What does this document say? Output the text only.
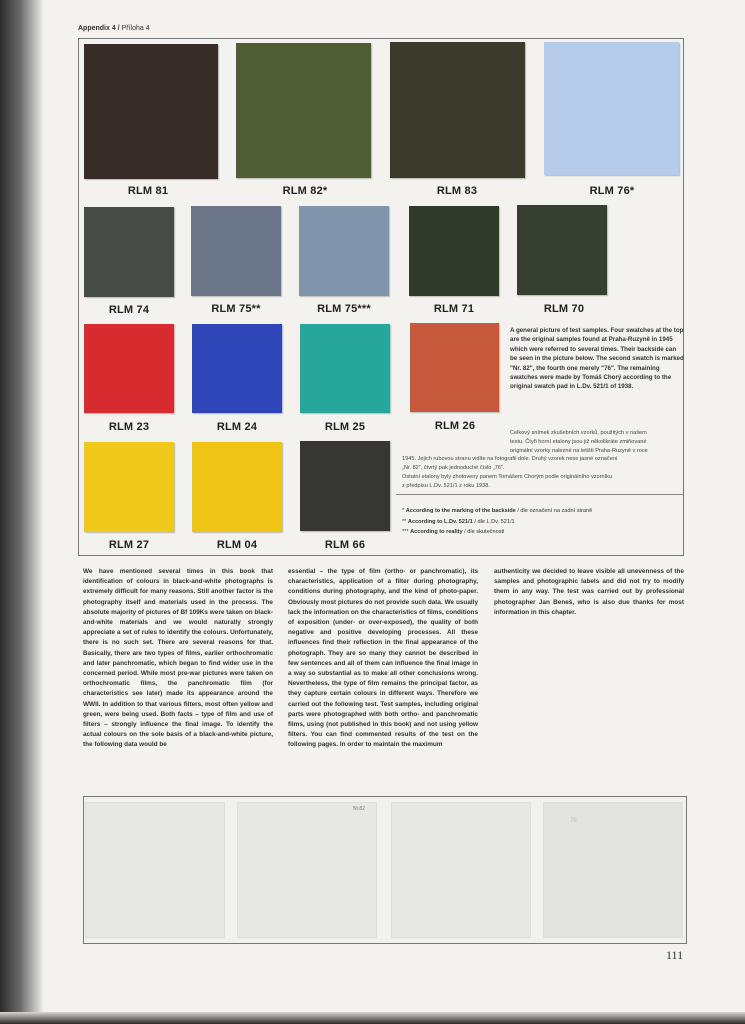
Appendix 4 / Příloha 4
RLM 81	RLM 82*	RLM 83	RLM 76*
RLM 74	RLM 75**	RLM 75***	RLM 71	RLM 70
RLM 23	RLM 24	RLM 25	RLM 26
RLM 27	RLM 04	RLM 66
A general picture of test samples. Four swatches at the top are the original samples found at Praha-Ruzyně in 1945 which were referred to several times. Their backside can be seen in the picture below. The second swatch is marked "Nr. 82", the fourth one merely "76". The remaining swatches were made by Tomáš Chorý according to the original swatch pad in L.Dv. 521/1 of 1938.
Celkový snímek zkušebních vzorků, použitých v našem
testu. Čtyři horní etalony jsou již několikráte zmiňované
originální vzorky nalezné na letišti Praha-Ruzyně v roce
1945. Jejich rubovou stranu vidíte na fotografii dole. Druhý vzorek nese jasné označení
„Nr. 82", čtvrtý pak jednoduché číslo „76".
Ostatní etalony byly zhotoveny panem Tomášem Chorým podle originálního vzorníku
z předpisu L.Dv. 521/1 z roku 1938.
* According to the marking of the backside / dle označení na zadní straně
** According to L.Dv. 521/1 / dle L.Dv. 521/1
*** According to reality / dle skutečnosti
We have mentioned several times in this book that identification of colours in black-and-white photographs is extremely difficult for many reasons. Still another factor is the photography itself and materials used in the process. The absolute majority of pictures of Bf 109Ks were taken on black-and-white materials and we would naturally strongly appreciate a set of rules to identify the colours. Unfortunately, there is no such set. There are several reasons for that. Basically, there are two types of films, earlier orthochromatic and later panchromatic, which began to find wider use in the concerned period. While most pre-war pictures were taken on orthochromatic films, the panchromatic film (for characteristics see later) made its appearance around the WWII. In addition to that various filters, most often yellow and green, were being used. Both facts – type of film and use of filters – strongly influence the final image. To identify the actual colours on the sole basis of a black-and-white picture, the following data would be
essential – the type of film (ortho- or panchromatic), its characteristics, application of a filter during photography, conditions during photography, and the kind of photo-paper. Obviously most pictures do not provide such data. We usually lack the information on the characteristics of films, conditions of exposition (under- or over-exposed), the quality of both negative and positive developing processes. All these influences find their reflection in the final appearance of the photograph. They are so many they cannot be described in few sentences and all of them can influence the final image in a way so substantial as to make all other conclusions wrong. Nevertheless, the type of film remains the principal factor, as they capture certain colours in different ways. Therefore we carried out the following test. Test samples, including original parts were photographed with both ortho- and panchromatic films, using (not published in this book) and not using yellow filters. You can find commented results of the test on the following pages. In order to maintain the maximum
authenticity we decided to leave visible all unevenness of the samples and photographic labels and did not try to modify them in any way. The test was carried out by professional photographer Jan Beneš, who is also due thanks for most information in this chapter.
Nr.82
76
111
